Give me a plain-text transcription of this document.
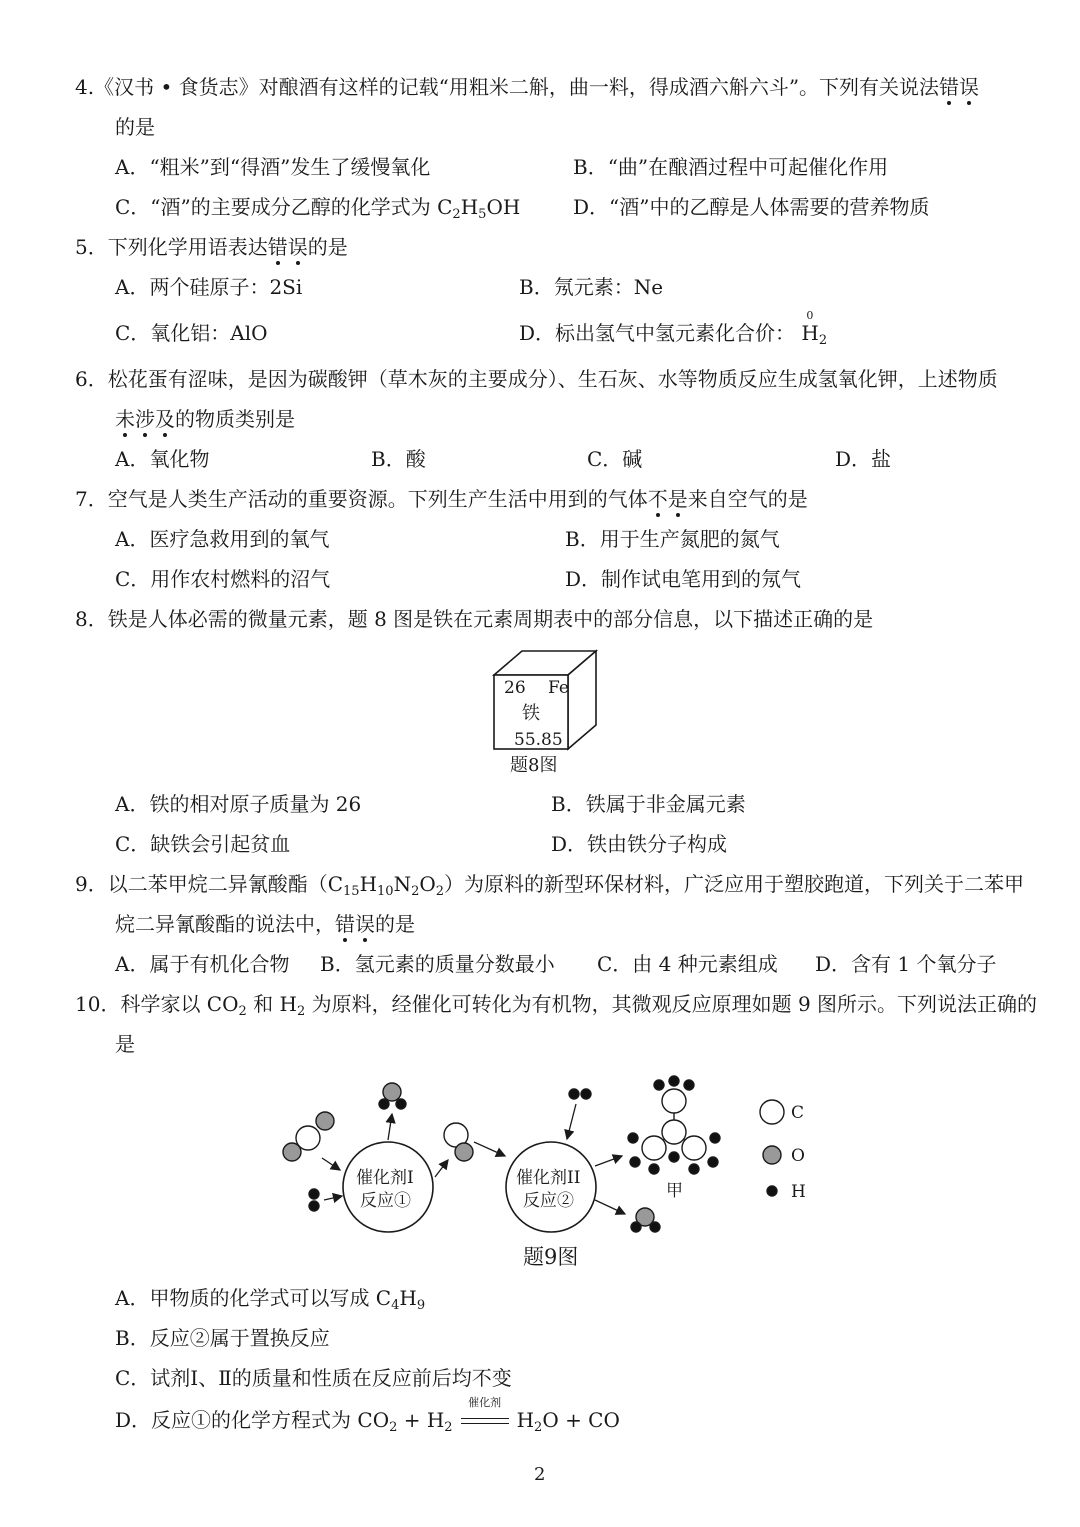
4.《汉书 • 食货志》对酿酒有这样的记载“用粗米二斛，曲一料，得成酒六斛六斗”。下列有关说法错误
的是
A．“粗米”到“得酒”发生了缓慢氧化	B．“曲”在酿酒过程中可起催化作用
C．“酒”的主要成分乙醇的化学式为 $C_2H_5OH$	D．“酒”中的乙醇是人体需要的营养物质
5．下列化学用语表达错误的是
A．两个硅原子：2Si	B．氖元素：Ne
C．氧化铝：AlO	D．标出氢气中氢元素化合价：
0
$H_2$
6．松花蛋有涩味，是因为碳酸钾（草木灰的主要成分）、生石灰、水等物质反应生成氢氧化钾，上述物质
未涉及的物质类别是
A．氧化物	B．酸	C．碱	D．盐
7．空气是人类生产活动的重要资源。下列生产生活中用到的气体不是来自空气的是
A．医疗急救用到的氧气	B．用于生产氮肥的氮气
C．用作农村燃料的沼气	D．制作试电笔用到的氖气
8．铁是人体必需的微量元素，题 8 图是铁在元素周期表中的部分信息，以下描述正确的是
26 Fe
铁
55.85
题8图
A．铁的相对原子质量为 26	B．铁属于非金属元素
C．缺铁会引起贫血	D．铁由铁分子构成
9．以二苯甲烷二异氰酸酯$(C_{15}H_{10}N_2O_2)$为原料的新型环保材料，广泛应用于塑胶跑道，下列关于二苯甲
烷二异氰酸酯的说法中，错误的是
A．属于有机化合物 B．氢元素的质量分数最小 C．由 4 种元素组成 D．含有 1 个氧分子
10．科学家以 $CO_2$ 和 $H_2$ 为原料，经催化可转化为有机物，其微观反应原理如题 9 图所示。下列说法正确的
是
催化剂I
反应①
催化剂II
反应②	甲
C
O
H
题9图
A．甲物质的化学式可以写成 $C_4H_9$
B．反应②属于置换反应
C．试剂Ⅰ、Ⅱ的质量和性质在反应前后均不变
D．反应①的化学方程式为 $CO_2 + H_2$
催化剂
$H_2O$ + CO
2
